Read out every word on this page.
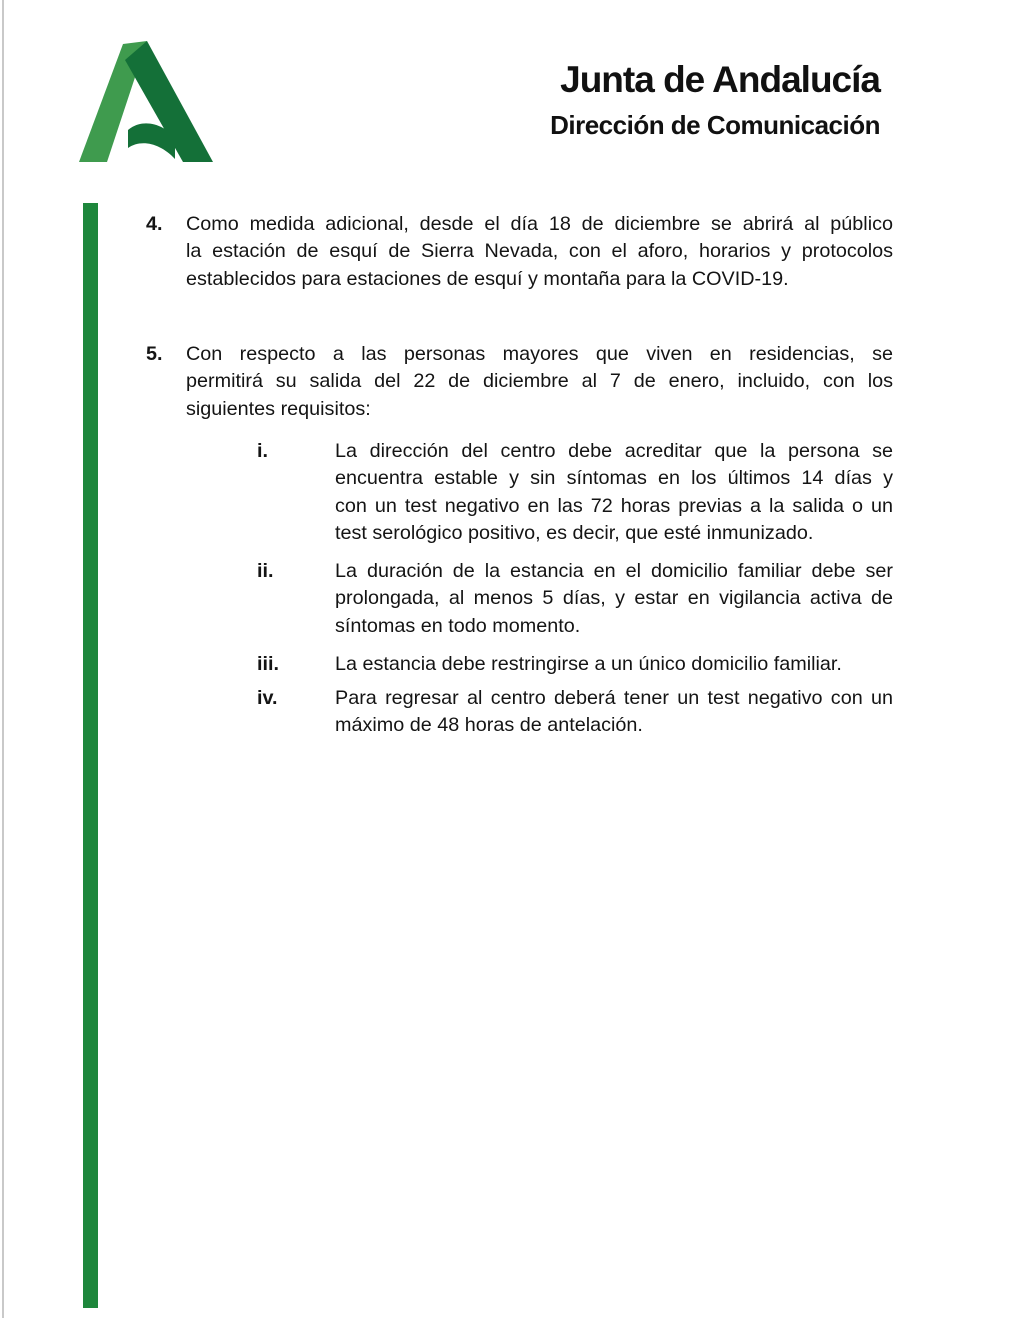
Junta de Andalucía
Dirección de Comunicación
4. Como medida adicional, desde el día 18 de diciembre se abrirá al público
la estación de esquí de Sierra Nevada, con el aforo, horarios y protocolos
establecidos para estaciones de esquí y montaña para la COVID-19.
5. Con respecto a las personas mayores que viven en residencias, se
permitirá su salida del 22 de diciembre al 7 de enero, incluido, con los
siguientes requisitos:
i.	La dirección del centro debe acreditar que la persona se
encuentra estable y sin síntomas en los últimos 14 días y
con un test negativo en las 72 horas previas a la salida o un
test serológico positivo, es decir, que esté inmunizado.
ii.	La duración de la estancia en el domicilio familiar debe ser
prolongada, al menos 5 días, y estar en vigilancia activa de
síntomas en todo momento.
iii.	La estancia debe restringirse a un único domicilio familiar.
iv.	Para regresar al centro deberá tener un test negativo con un
máximo de 48 horas de antelación.
